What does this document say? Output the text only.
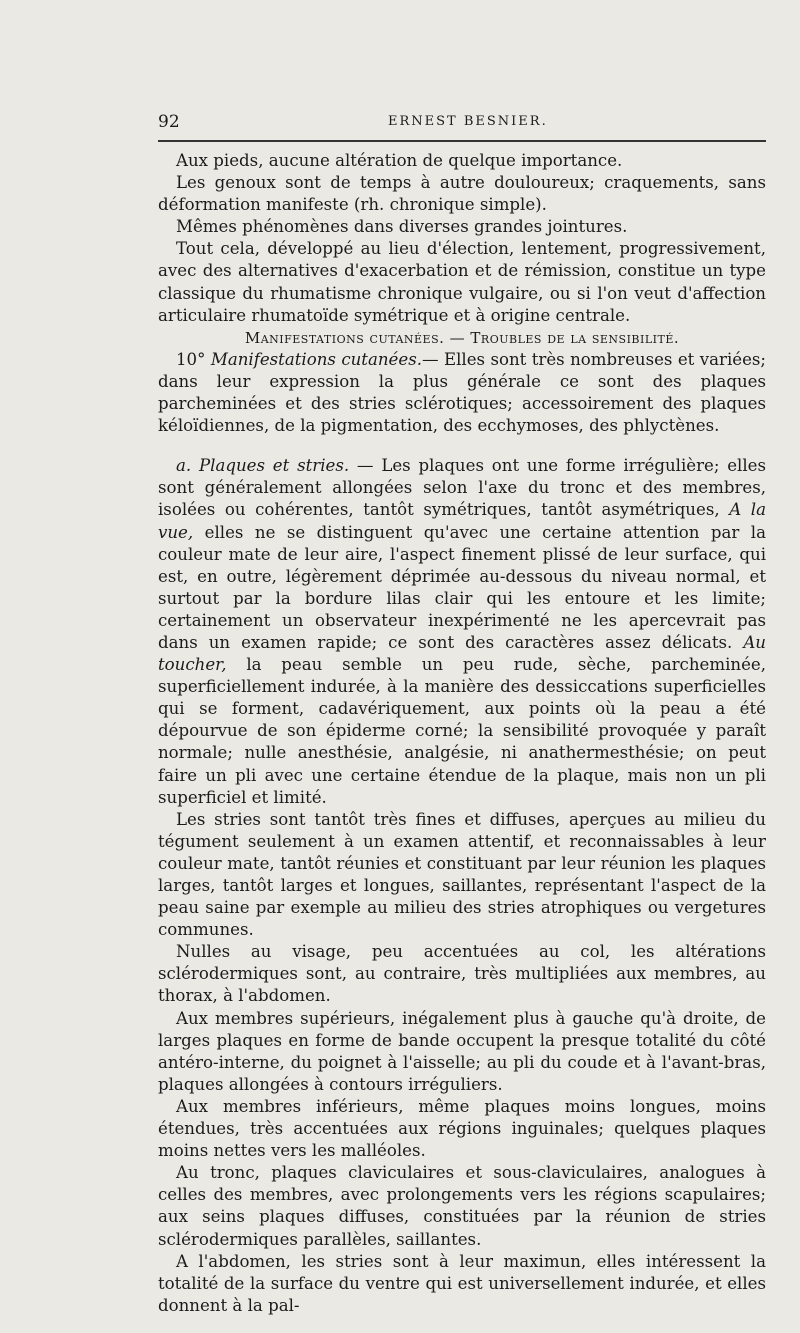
92	ERNEST BESNIER.

Aux pieds, aucune altération de quelque importance.

Les genoux sont de temps à autre douloureux; craquements, sans déformation manifeste (rh. chronique simple).

Mêmes phénomènes dans diverses grandes jointures.

Tout cela, développé au lieu d'élection, lentement, progressivement, avec des alternatives d'exacerbation et de rémission, constitue un type classique du rhumatisme chronique vulgaire, ou si l'on veut d'affection articulaire rhumatoïde symétrique et à origine centrale.

Manifestations cutanées. — Troubles de la sensibilité.

10° Manifestations cutanées.— Elles sont très nombreuses et variées; dans leur expression la plus générale ce sont des plaques parcheminées et des stries sclérotiques; accessoirement des plaques kéloïdiennes, de la pigmentation, des ecchymoses, des phlyctènes.

a. Plaques et stries. — Les plaques ont une forme irrégulière; elles sont généralement allongées selon l'axe du tronc et des membres, isolées ou cohérentes, tantôt symétriques, tantôt asymétriques, A la vue, elles ne se distinguent qu'avec une certaine attention par la couleur mate de leur aire, l'aspect finement plissé de leur surface, qui est, en outre, légèrement déprimée au-dessous du niveau normal, et surtout par la bordure lilas clair qui les entoure et les limite; certainement un observateur inexpérimenté ne les apercevrait pas dans un examen rapide; ce sont des caractères assez délicats. Au toucher, la peau semble un peu rude, sèche, parcheminée, superficiellement indurée, à la manière des dessiccations superficielles qui se forment, cadavériquement, aux points où la peau a été dépourvue de son épiderme corné; la sensibilité provoquée y paraît normale; nulle anesthésie, analgésie, ni anathermesthésie; on peut faire un pli avec une certaine étendue de la plaque, mais non un pli superficiel et limité.

Les stries sont tantôt très fines et diffuses, aperçues au milieu du tégument seulement à un examen attentif, et reconnaissables à leur couleur mate, tantôt réunies et constituant par leur réunion les plaques larges, tantôt larges et longues, saillantes, représentant l'aspect de la peau saine par exemple au milieu des stries atrophiques ou vergetures communes.

Nulles au visage, peu accentuées au col, les altérations sclérodermiques sont, au contraire, très multipliées aux membres, au thorax, à l'abdomen.

Aux membres supérieurs, inégalement plus à gauche qu'à droite, de larges plaques en forme de bande occupent la presque totalité du côté antéro-interne, du poignet à l'aisselle; au pli du coude et à l'avant-bras, plaques allongées à contours irréguliers.

Aux membres inférieurs, même plaques moins longues, moins étendues, très accentuées aux régions inguinales; quelques plaques moins nettes vers les malléoles.

Au tronc, plaques claviculaires et sous-claviculaires, analogues à celles des membres, avec prolongements vers les régions scapulaires; aux seins plaques diffuses, constituées par la réunion de stries sclérodermiques parallèles, saillantes.

A l'abdomen, les stries sont à leur maximun, elles intéressent la totalité de la surface du ventre qui est universellement indurée, et elles donnent à la pal-
